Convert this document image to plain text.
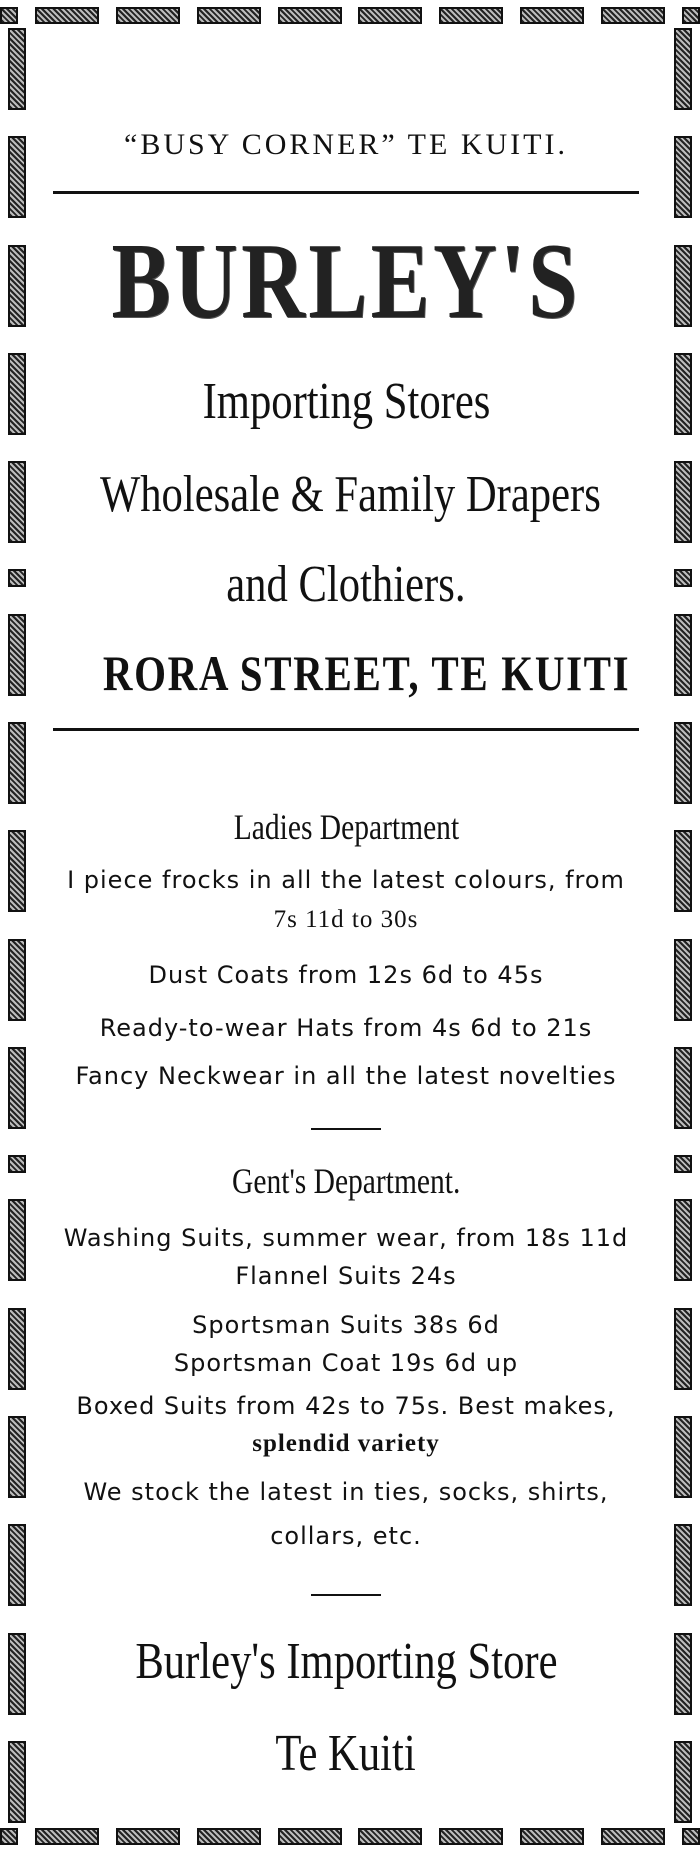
“BUSY CORNER” TE KUITI.
BURLEY'S
Importing Stores
Wholesale & Family Drapers
and Clothiers.
RORA STREET, TE KUITI
Ladies Department
I piece frocks in all the latest colours, from
7s 11d to 30s
Dust Coats from 12s 6d to 45s
Ready-to-wear Hats from 4s 6d to 21s
Fancy Neckwear in all the latest novelties
Gent's Department.
Washing Suits, summer wear, from 18s 11d
Flannel Suits 24s
Sportsman Suits 38s 6d
Sportsman Coat 19s 6d up
Boxed Suits from 42s to 75s. Best makes,
splendid variety
We stock the latest in ties, socks, shirts,
collars, etc.
Burley's Importing Store
Te Kuiti
